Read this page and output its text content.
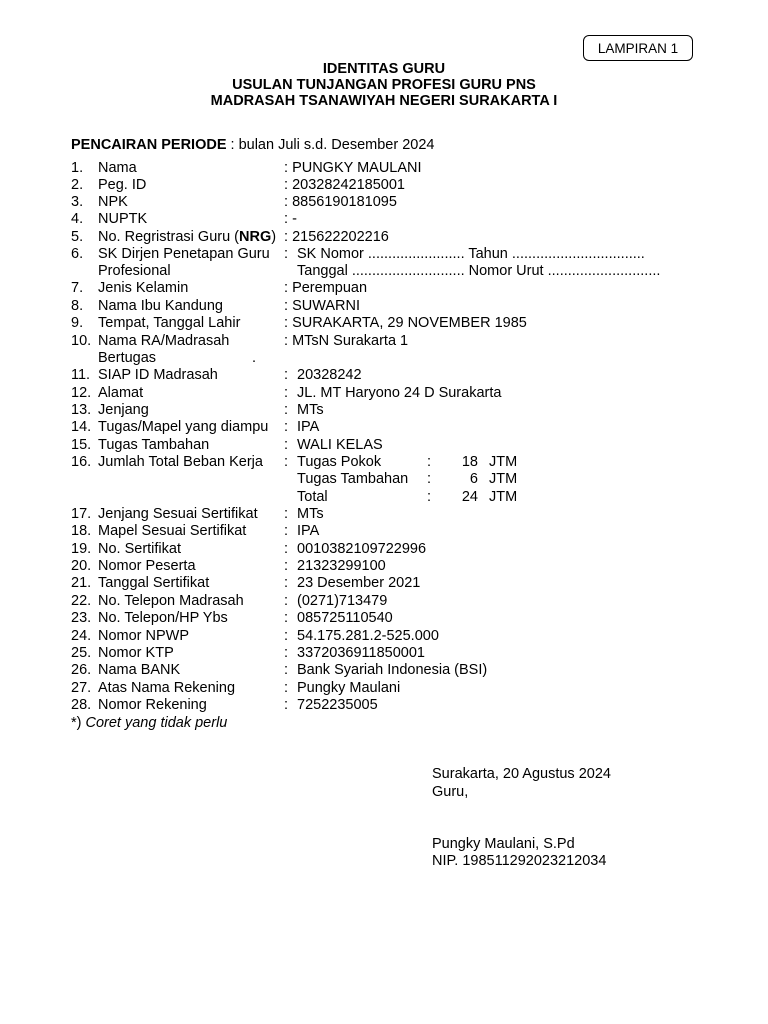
LAMPIRAN 1
IDENTITAS GURU
USULAN TUNJANGAN PROFESI GURU PNS
MADRASAH TSANAWIYAH NEGERI SURAKARTA I
PENCAIRAN PERIODE : bulan Juli s.d. Desember 2024
1. Nama	: PUNGKY MAULANI
2. Peg. ID	: 20328242185001
3. NPK	: 8856190181095
4. NUPTK	: -
5. No. Regristrasi Guru (NRG) : 215622202216
6. SK Dirjen Penetapan Guru : SK Nomor ........................ Tahun .................................
Profesional	Tanggal ............................ Nomor Urut ............................
7. Jenis Kelamin	: Perempuan
8. Nama Ibu Kandung	: SUWARNI
9. Tempat, Tanggal Lahir	: SURAKARTA, 29 NOVEMBER 1985
10. Nama RA/Madrasah	: MTsN Surakarta 1
Bertugas	.
11. SIAP ID Madrasah	: 20328242
12. Alamat	: JL. MT Haryono 24 D Surakarta
13. Jenjang	: MTs
14. Tugas/Mapel yang diampu : IPA
15. Tugas Tambahan	: WALI KELAS
16. Jumlah Total Beban Kerja : Tugas Pokok	:	18 JTM
Tugas Tambahan :	6 JTM
Total	:	24 JTM
17. Jenjang Sesuai Sertifikat : MTs
18. Mapel Sesuai Sertifikat	: IPA
19. No. Sertifikat	: 0010382109722996
20. Nomor Peserta	: 21323299100
21. Tanggal Sertifikat	: 23 Desember 2021
22. No. Telepon Madrasah	: (0271)713479
23. No. Telepon/HP Ybs	: 085725110540
24. Nomor NPWP	: 54.175.281.2-525.000
25. Nomor KTP	: 3372036911850001
26. Nama BANK	: Bank Syariah Indonesia (BSI)
27. Atas Nama Rekening	: Pungky Maulani
28. Nomor Rekening	: 7252235005
*) Coret yang tidak perlu
Surakarta, 20 Agustus 2024
Guru,
Pungky Maulani, S.Pd
NIP. 198511292023212034
